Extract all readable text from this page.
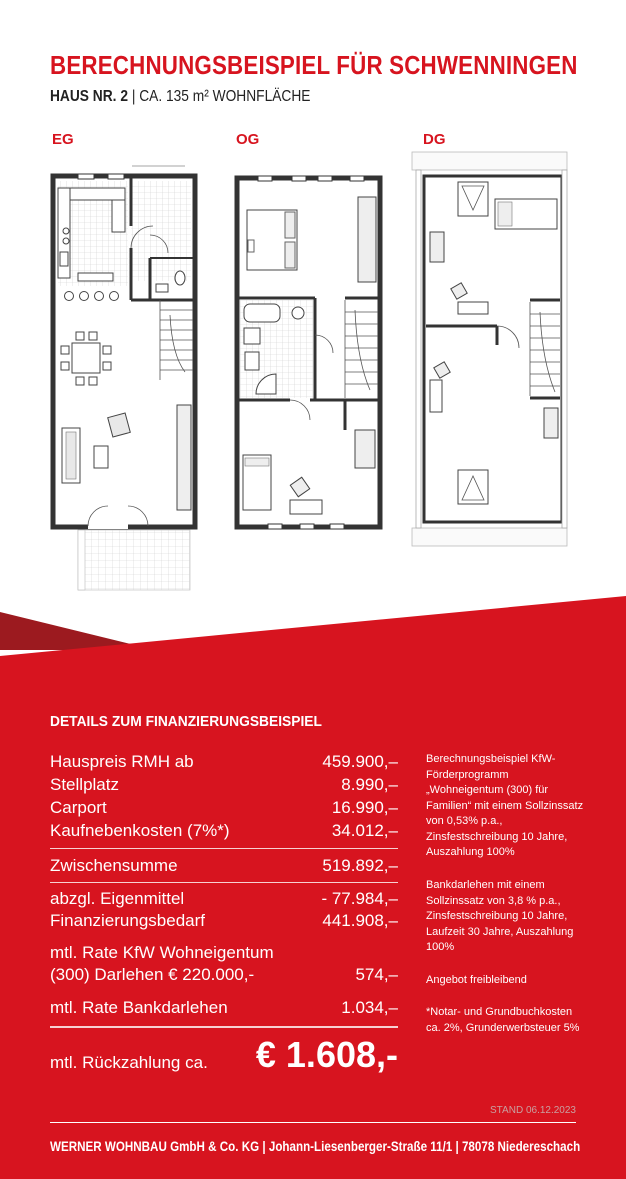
BERECHNUNGSBEISPIEL FÜR SCHWENNINGEN
HAUS NR. 2 | CA. 135 m² WOHNFLÄCHE
EG	OG	DG
DETAILS ZUM FINANZIERUNGSBEISPIEL
Hauspreis RMH ab	459.900,–
Stellplatz	8.990,–
Carport	16.990,–
Kaufnebenkosten (7%*)	34.012,–
Zwischensumme	519.892,–
abzgl. Eigenmittel	- 77.984,–
Finanzierungsbedarf	441.908,–
mtl. Rate KfW Wohneigentum
(300) Darlehen € 220.000,-	574,–
mtl. Rate Bankdarlehen	1.034,–
mtl. Rückzahlung ca. € 1.608,-
Berechnungsbeispiel KfW-Förderprogramm „Wohneigentum (300) für Familien“ mit einem Sollzinssatz von 0,53% p.a., Zinsfestschreibung 10 Jahre, Auszahlung 100%
Bankdarlehen mit einem Sollzinssatz von 3,8 % p.a., Zinsfestschreibung 10 Jahre, Laufzeit 30 Jahre, Auszahlung 100%
Angebot freibleibend
*Notar- und Grundbuchkosten ca. 2%, Grunderwerbsteuer 5%
STAND 06.12.2023
WERNER WOHNBAU GmbH & Co. KG | Johann-Liesenberger-Straße 11/1 | 78078 Niedereschach
